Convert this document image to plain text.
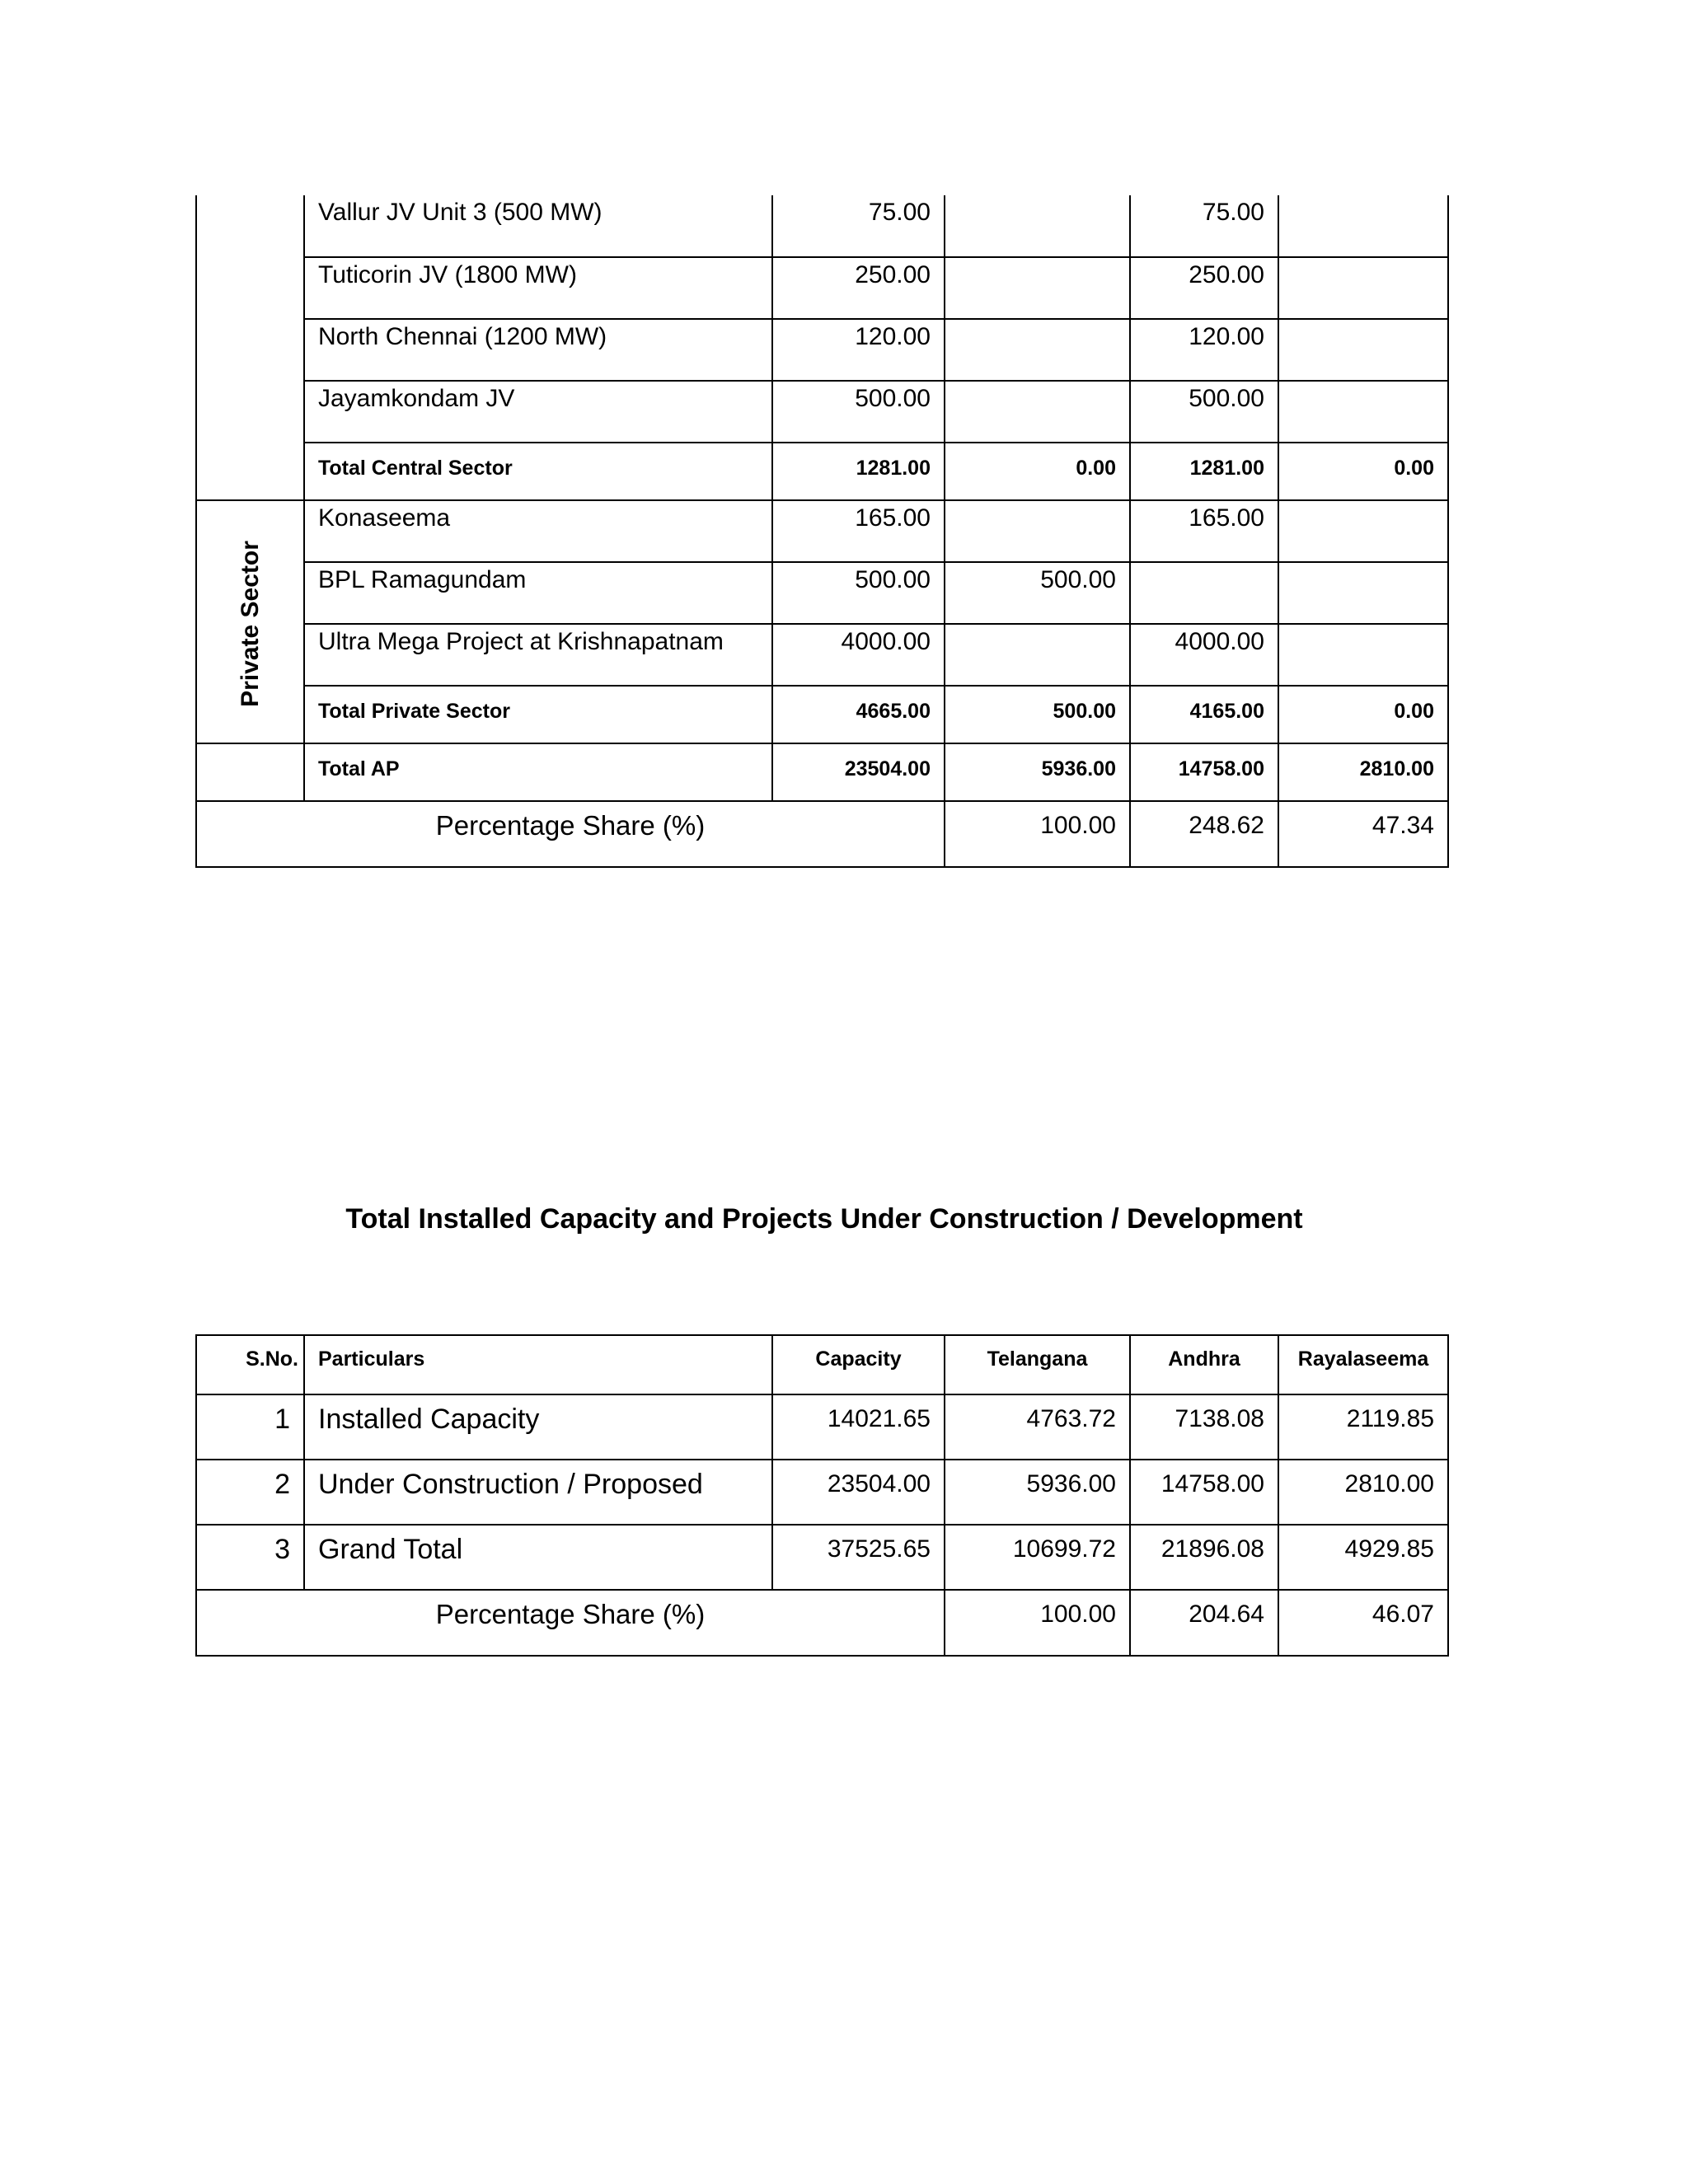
	Vallur JV Unit 3 (500 MW)	75.00		75.00	
	Tuticorin JV (1800 MW)	250.00		250.00	
	North Chennai (1200 MW)	120.00		120.00	
	Jayamkondam JV	500.00		500.00	
	Total Central Sector	1281.00	0.00	1281.00	0.00

Private Sector	Konaseema	165.00		165.00	
	BPL Ramagundam	500.00	500.00		
	Ultra Mega Project at Krishnapatnam	4000.00		4000.00	
	Total Private Sector	4665.00	500.00	4165.00	0.00
	Total AP	23504.00	5936.00	14758.00	2810.00
Percentage Share (%)			100.00	248.62	47.34
Total Installed Capacity and Projects Under Construction / Development
S.No.	Particulars	Capacity	Telangana	Andhra	Rayalaseema
1	Installed Capacity	14021.65	4763.72	7138.08	2119.85
2	Under Construction / Proposed	23504.00	5936.00	14758.00	2810.00
3	Grand Total	37525.65	10699.72	21896.08	4929.85
Percentage Share (%)			100.00	204.64	46.07
